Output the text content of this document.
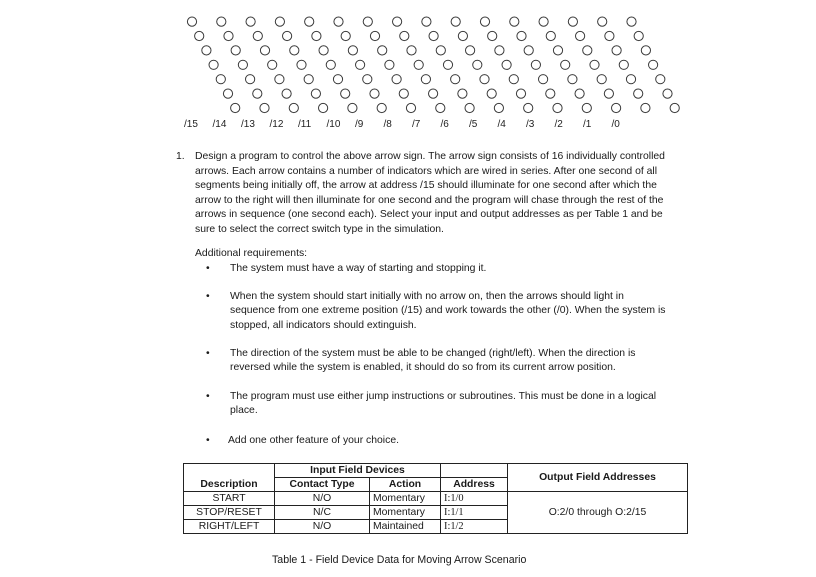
/15 /14 /13 /12 /11 /10 /9 /8 /7 /6 /5 /4 /3 /2 /1 /0
1. Design a program to control the above arrow sign. The arrow sign consists of 16 individually controlled arrows. Each arrow contains a number of indicators which are wired in series. After one second of all segments being initially off, the arrow at address /15 should illuminate for one second after which the arrow to the right will then illuminate for one second and the program will chase through the rest of the arrows in sequence (one second each). Select your input and output addresses as per Table 1 and be sure to select the correct switch type in the simulation.
Additional requirements:
• The system must have a way of starting and stopping it.
• When the system should start initially with no arrow on, then the arrows should light in sequence from one extreme position (/15) and work towards the other (/0). When the system is stopped, all indicators should extinguish.
• The direction of the system must be able to be changed (right/left). When the direction is reversed while the system is enabled, it should do so from its current arrow position.
• The program must use either jump instructions or subroutines. This must be done in a logical place.
• Add one other feature of your choice.
	Input Field Devices			Output Field Addresses
Description	Contact Type	Action	Address	
START	N/O	Momentary	I:1/0	O:2/0 through O:2/15
STOP/RESET	N/C	Momentary	I:1/1	
RIGHT/LEFT	N/O	Maintained	I:1/2	
Table 1 - Field Device Data for Moving Arrow Scenario
